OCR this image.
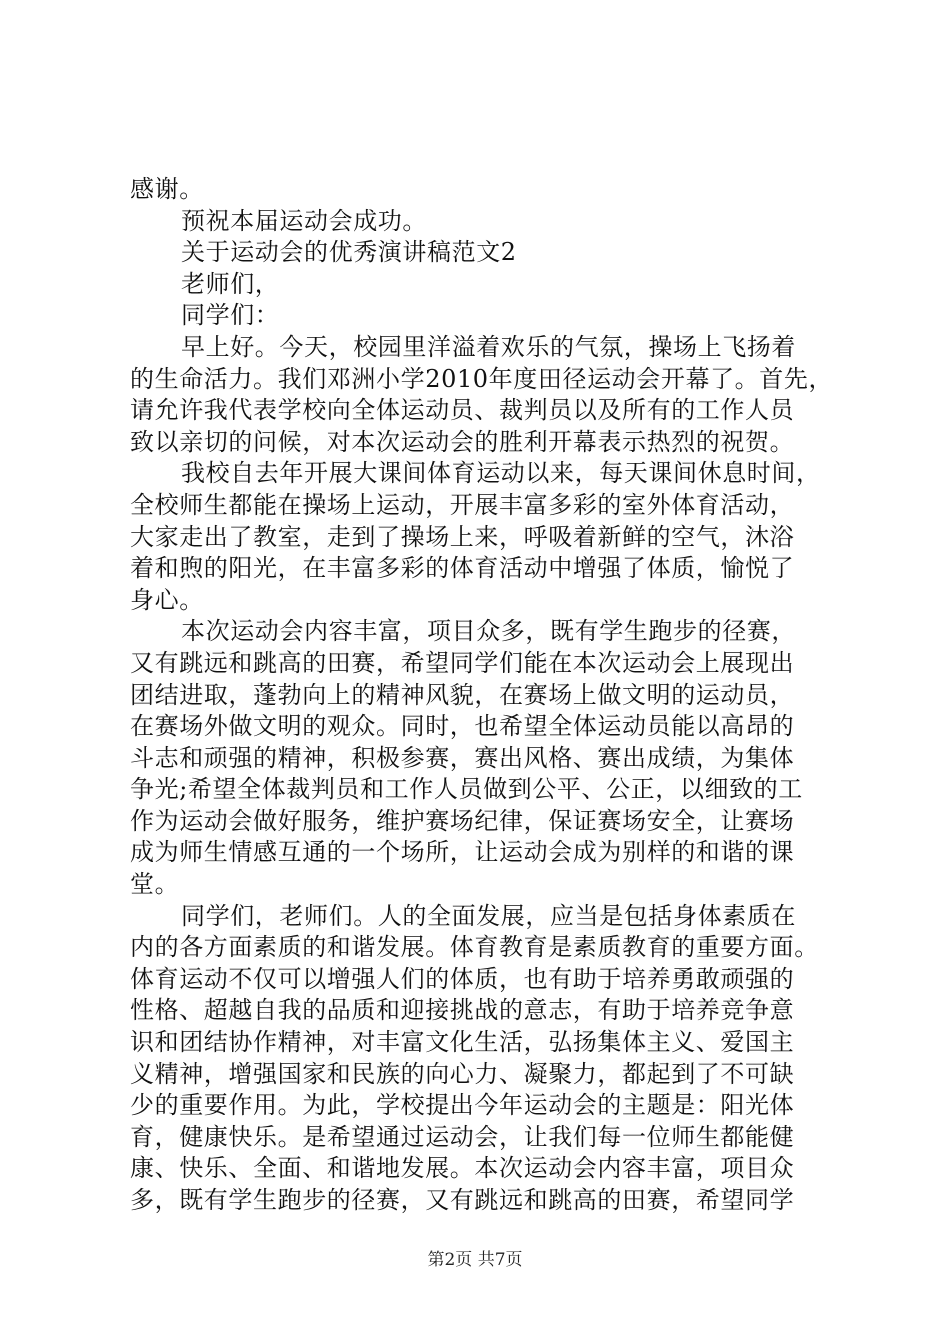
感谢。
预祝本届运动会成功。
关于运动会的优秀演讲稿范文2
老师们，
同学们：
早上好。今天，校园里洋溢着欢乐的气氛，操场上飞扬着
的生命活力。我们邓洲小学2010年度田径运动会开幕了。首先，
请允许我代表学校向全体运动员、裁判员以及所有的工作人员
致以亲切的问候，对本次运动会的胜利开幕表示热烈的祝贺。
我校自去年开展大课间体育运动以来，每天课间休息时间，
全校师生都能在操场上运动，开展丰富多彩的室外体育活动，
大家走出了教室，走到了操场上来，呼吸着新鲜的空气，沐浴
着和煦的阳光，在丰富多彩的体育活动中增强了体质，愉悦了
身心。
本次运动会内容丰富，项目众多，既有学生跑步的径赛，
又有跳远和跳高的田赛，希望同学们能在本次运动会上展现出
团结进取，蓬勃向上的精神风貌，在赛场上做文明的运动员，
在赛场外做文明的观众。同时，也希望全体运动员能以高昂的
斗志和顽强的精神，积极参赛，赛出风格、赛出成绩，为集体
争光;希望全体裁判员和工作人员做到公平、公正，以细致的工
作为运动会做好服务，维护赛场纪律，保证赛场安全，让赛场
成为师生情感互通的一个场所，让运动会成为别样的和谐的课
堂。
同学们，老师们。人的全面发展，应当是包括身体素质在
内的各方面素质的和谐发展。体育教育是素质教育的重要方面。
体育运动不仅可以增强人们的体质，也有助于培养勇敢顽强的
性格、超越自我的品质和迎接挑战的意志，有助于培养竞争意
识和团结协作精神，对丰富文化生活，弘扬集体主义、爱国主
义精神，增强国家和民族的向心力、凝聚力，都起到了不可缺
少的重要作用。为此，学校提出今年运动会的主题是：阳光体
育，健康快乐。是希望通过运动会，让我们每一位师生都能健
康、快乐、全面、和谐地发展。本次运动会内容丰富，项目众
多，既有学生跑步的径赛，又有跳远和跳高的田赛，希望同学
第2页 共7页
